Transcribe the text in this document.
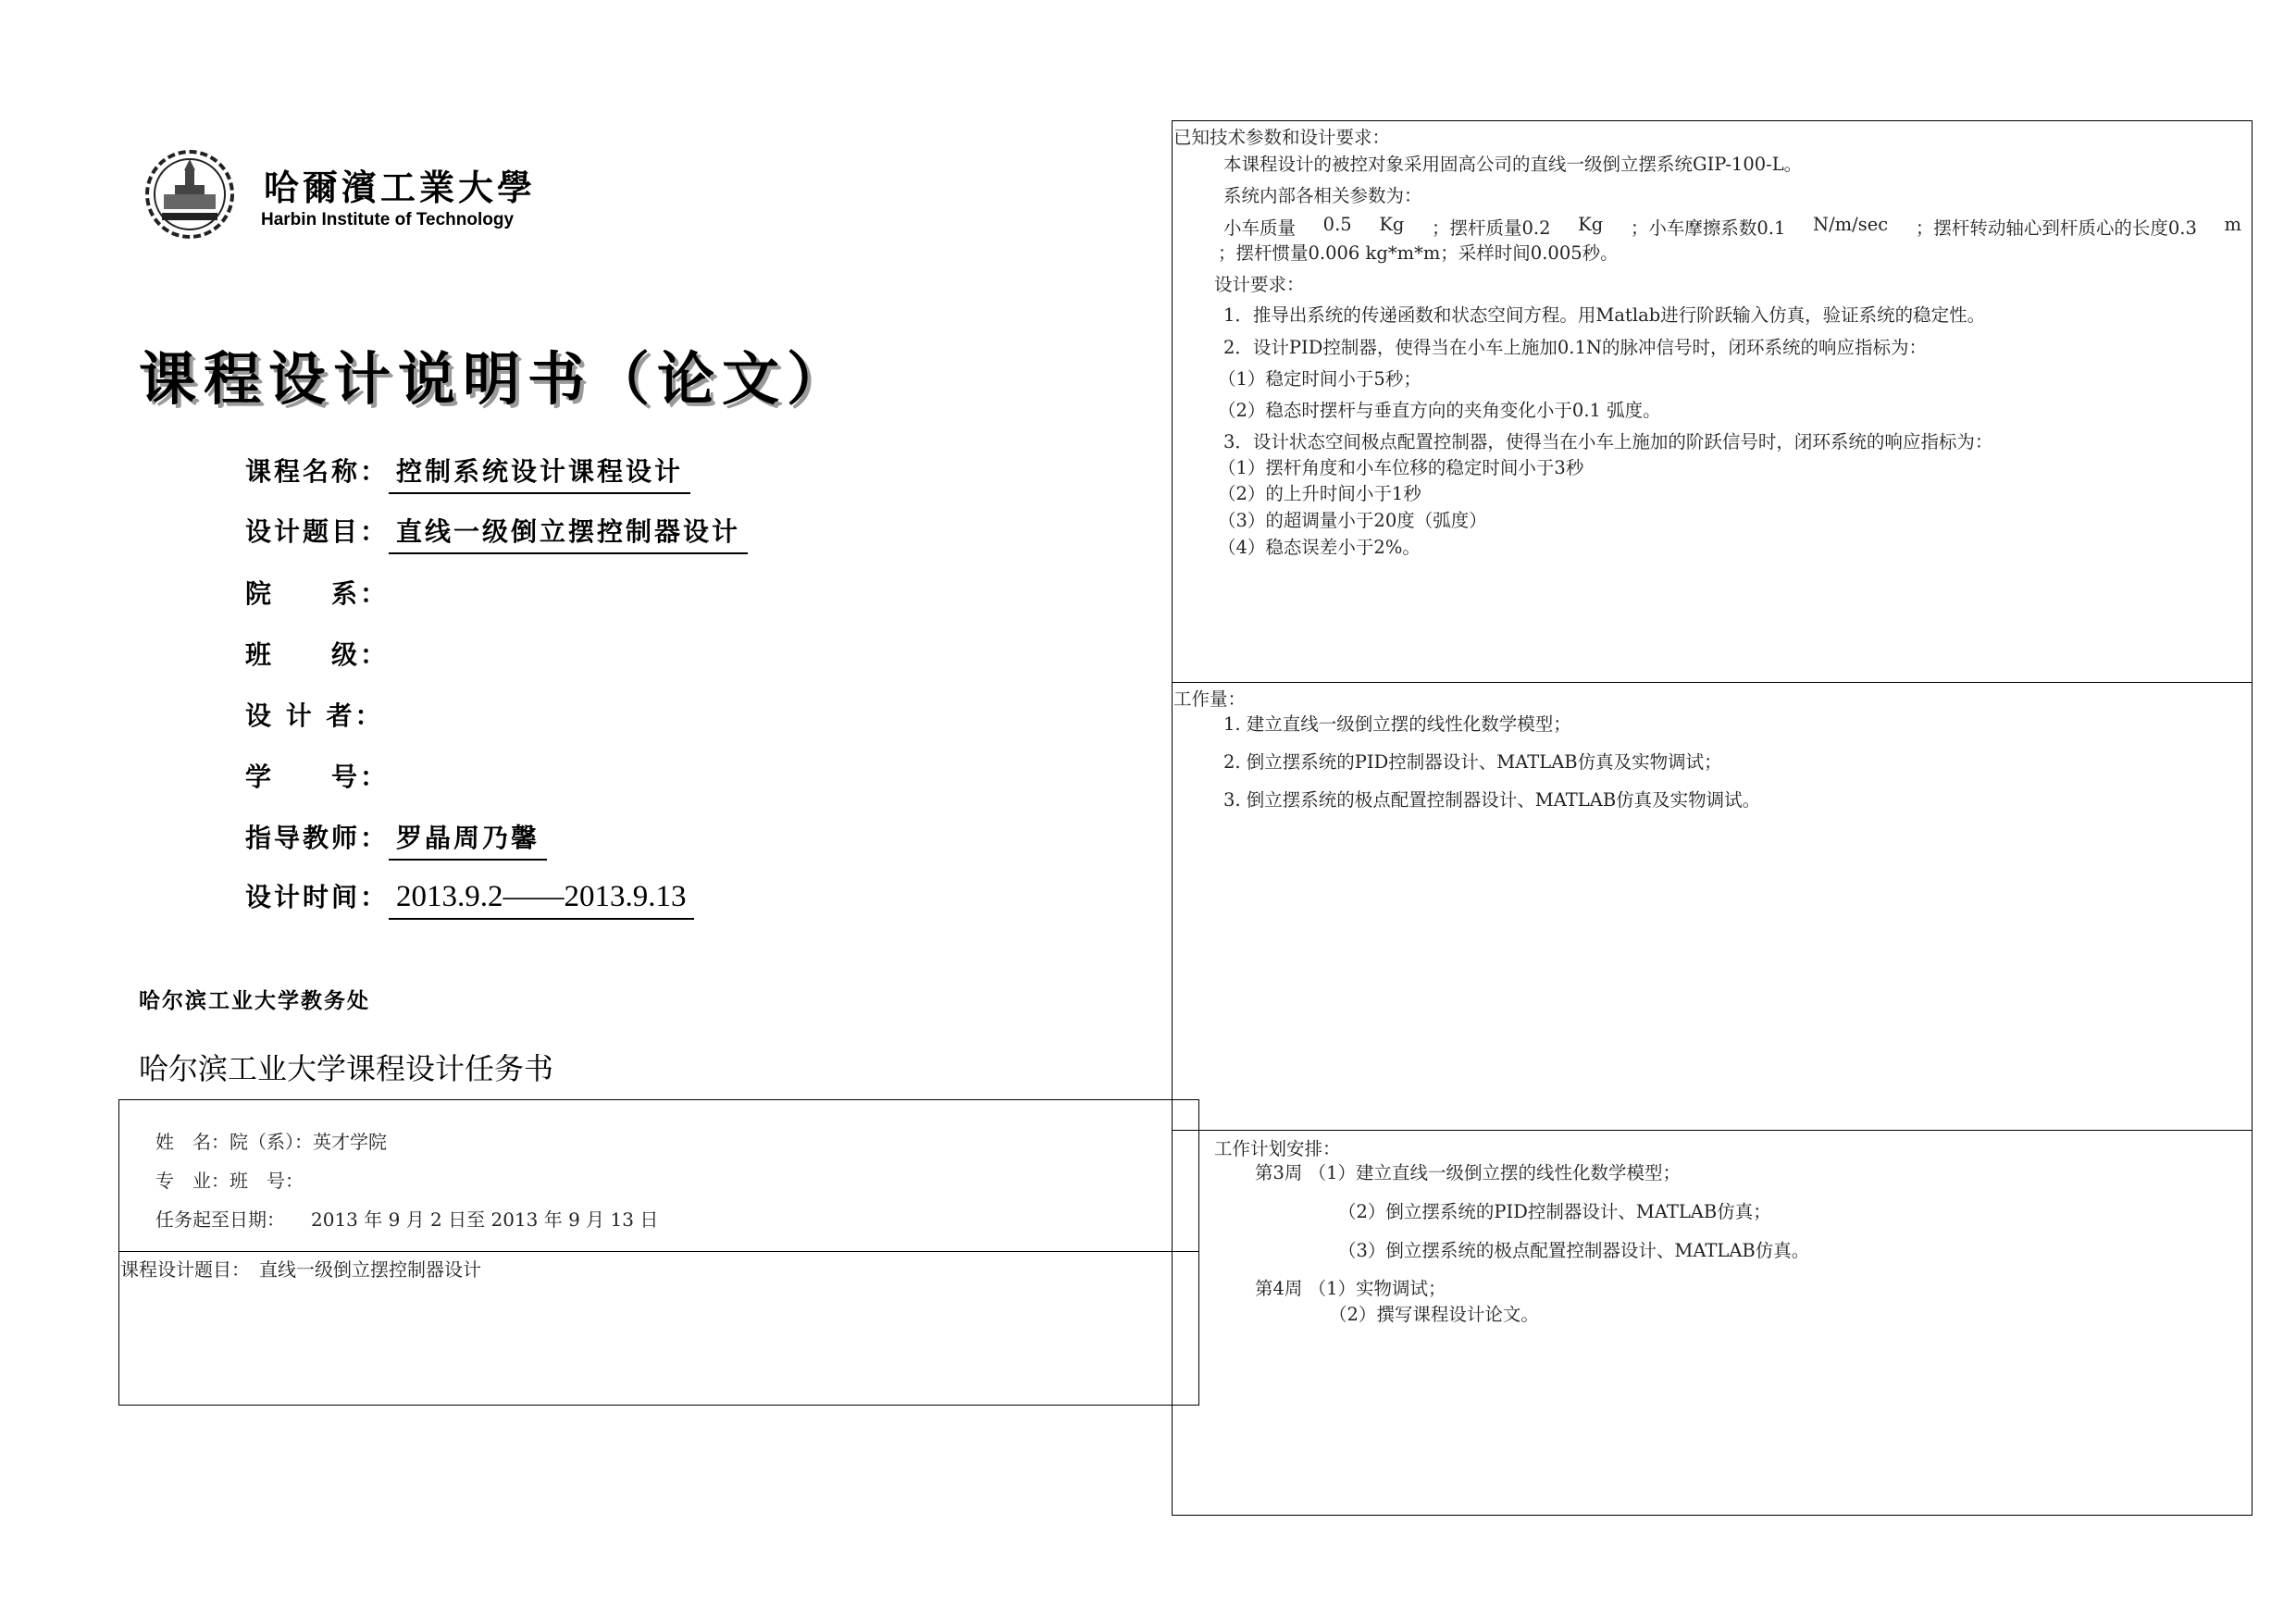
哈爾濱工業大學
Harbin Institute of Technology
课程设计说明书（论文）
课程名称： 控制系统设计课程设计
设计题目： 直线一级倒立摆控制器设计
院　　系：
班　　级：
设 计 者：
学　　号：
指导教师： 罗晶周乃馨
设计时间： 2013.9.2——2013.9.13
哈尔滨工业大学教务处
哈尔滨工业大学课程设计任务书
姓　名：院（系）：英才学院
专　业：班　号：
任务起至日期： 2013 年 9 月 2 日至 2013 年 9 月 13 日
课程设计题目：　直线一级倒立摆控制器设计
已知技术参数和设计要求：
本课程设计的被控对象采用固高公司的直线一级倒立摆系统GIP-100-L。
系统内部各相关参数为：
小车质量 0.5 Kg ；摆杆质量0.2 Kg ；小车摩擦系数0.1 N/m/sec ；摆杆转动轴心到杆质心的长度0.3 m
；摆杆惯量0.006 kg*m*m；采样时间0.005秒。
设计要求：
1．推导出系统的传递函数和状态空间方程。用Matlab进行阶跃输入仿真，验证系统的稳定性。
2．设计PID控制器，使得当在小车上施加0.1N的脉冲信号时，闭环系统的响应指标为：
（1）稳定时间小于5秒；
（2）稳态时摆杆与垂直方向的夹角变化小于0.1 弧度。
3．设计状态空间极点配置控制器，使得当在小车上施加的阶跃信号时，闭环系统的响应指标为：
（1）摆杆角度和小车位移的稳定时间小于3秒
（2）的上升时间小于1秒
（3）的超调量小于20度（弧度）
（4）稳态误差小于2%。
工作量：
1. 建立直线一级倒立摆的线性化数学模型；
2. 倒立摆系统的PID控制器设计、MATLAB仿真及实物调试；
3. 倒立摆系统的极点配置控制器设计、MATLAB仿真及实物调试。
工作计划安排：
第3周 （1）建立直线一级倒立摆的线性化数学模型；
（2）倒立摆系统的PID控制器设计、MATLAB仿真；
（3）倒立摆系统的极点配置控制器设计、MATLAB仿真。
第4周 （1）实物调试；
（2）撰写课程设计论文。
